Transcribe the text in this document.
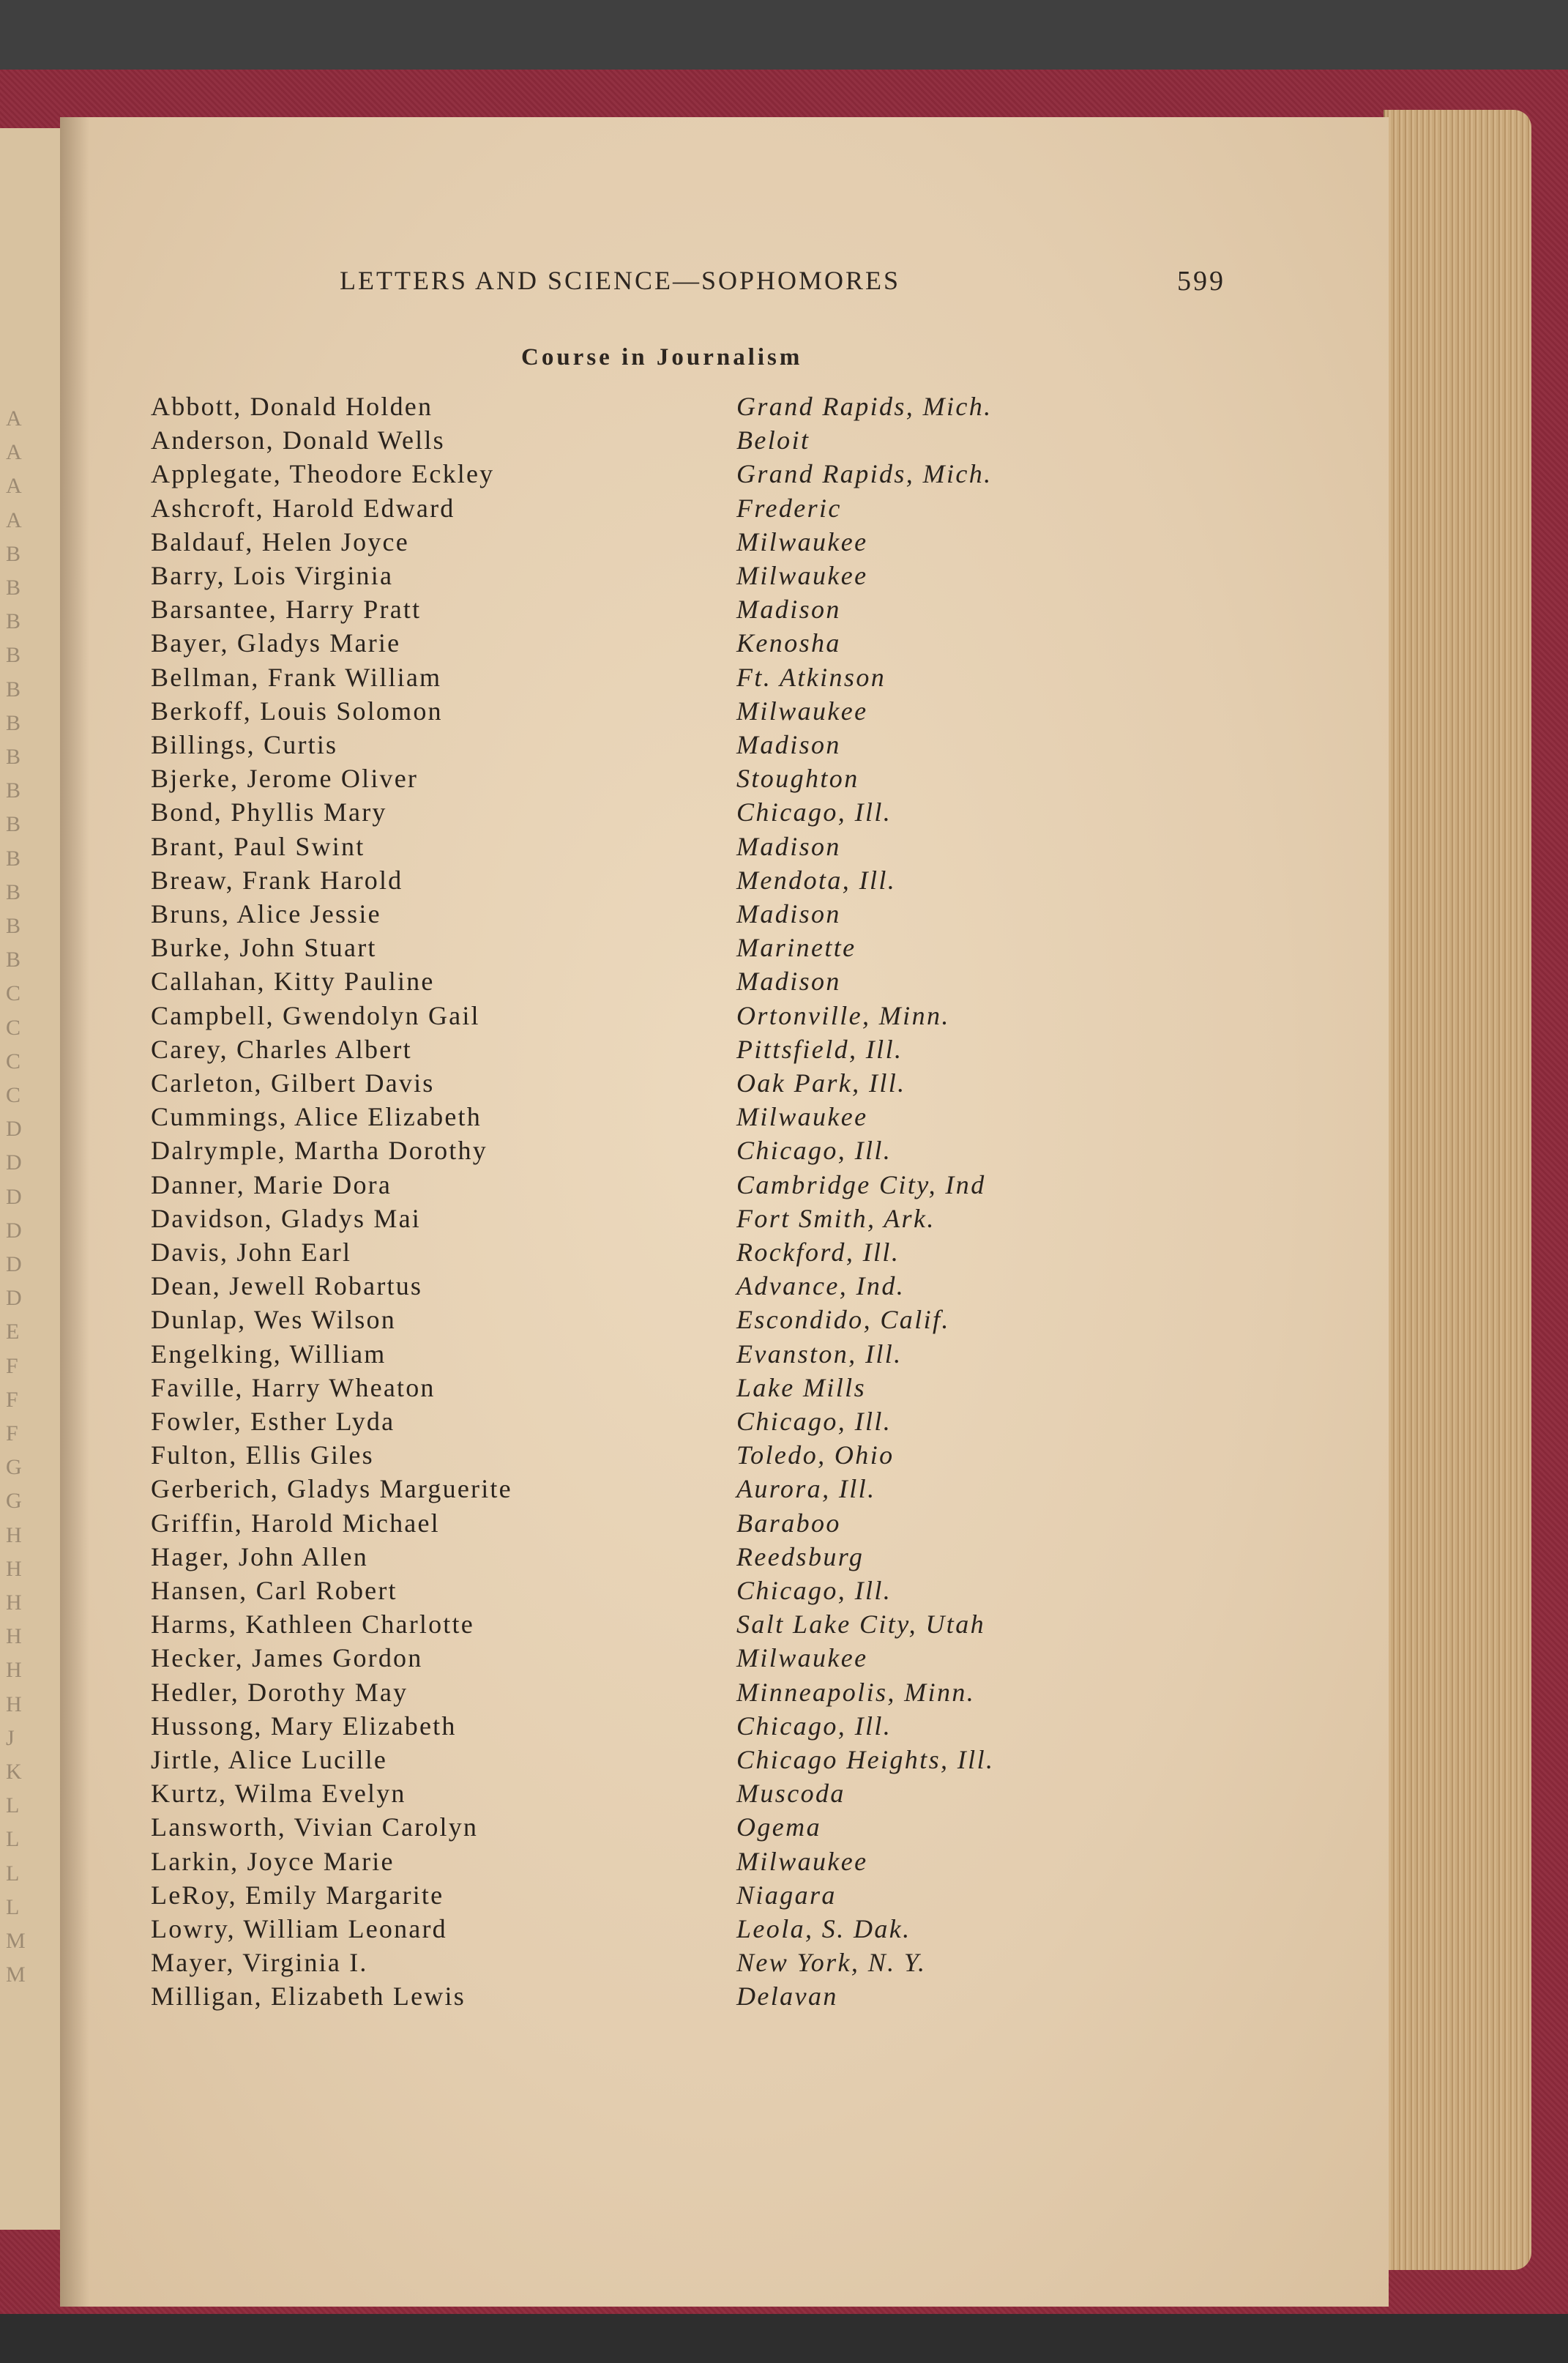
A
A
A
A
B
B
B
B
B
B
B
B
B
B
B
B
B
C
C
C
C
D
D
D
D
D
D
E
F
F
F
G
G
H
H
H
H
H
H
J
K
L
L
L
L
M
M
LETTERS AND SCIENCE—SOPHOMORES	599
Course in Journalism
Abbott, Donald Holden	Grand Rapids, Mich.
Anderson, Donald Wells	Beloit
Applegate, Theodore Eckley	Grand Rapids, Mich.
Ashcroft, Harold Edward	Frederic
Baldauf, Helen Joyce	Milwaukee
Barry, Lois Virginia	Milwaukee
Barsantee, Harry Pratt	Madison
Bayer, Gladys Marie	Kenosha
Bellman, Frank William	Ft. Atkinson
Berkoff, Louis Solomon	Milwaukee
Billings, Curtis	Madison
Bjerke, Jerome Oliver	Stoughton
Bond, Phyllis Mary	Chicago, Ill.
Brant, Paul Swint	Madison
Breaw, Frank Harold	Mendota, Ill.
Bruns, Alice Jessie	Madison
Burke, John Stuart	Marinette
Callahan, Kitty Pauline	Madison
Campbell, Gwendolyn Gail	Ortonville, Minn.
Carey, Charles Albert	Pittsfield, Ill.
Carleton, Gilbert Davis	Oak Park, Ill.
Cummings, Alice Elizabeth	Milwaukee
Dalrymple, Martha Dorothy	Chicago, Ill.
Danner, Marie Dora	Cambridge City, Ind
Davidson, Gladys Mai	Fort Smith, Ark.
Davis, John Earl	Rockford, Ill.
Dean, Jewell Robartus	Advance, Ind.
Dunlap, Wes Wilson	Escondido, Calif.
Engelking, William	Evanston, Ill.
Faville, Harry Wheaton	Lake Mills
Fowler, Esther Lyda	Chicago, Ill.
Fulton, Ellis Giles	Toledo, Ohio
Gerberich, Gladys Marguerite	Aurora, Ill.
Griffin, Harold Michael	Baraboo
Hager, John Allen	Reedsburg
Hansen, Carl Robert	Chicago, Ill.
Harms, Kathleen Charlotte	Salt Lake City, Utah
Hecker, James Gordon	Milwaukee
Hedler, Dorothy May	Minneapolis, Minn.
Hussong, Mary Elizabeth	Chicago, Ill.
Jirtle, Alice Lucille	Chicago Heights, Ill.
Kurtz, Wilma Evelyn	Muscoda
Lansworth, Vivian Carolyn	Ogema
Larkin, Joyce Marie	Milwaukee
LeRoy, Emily Margarite	Niagara
Lowry, William Leonard	Leola, S. Dak.
Mayer, Virginia I.	New York, N. Y.
Milligan, Elizabeth Lewis	Delavan
